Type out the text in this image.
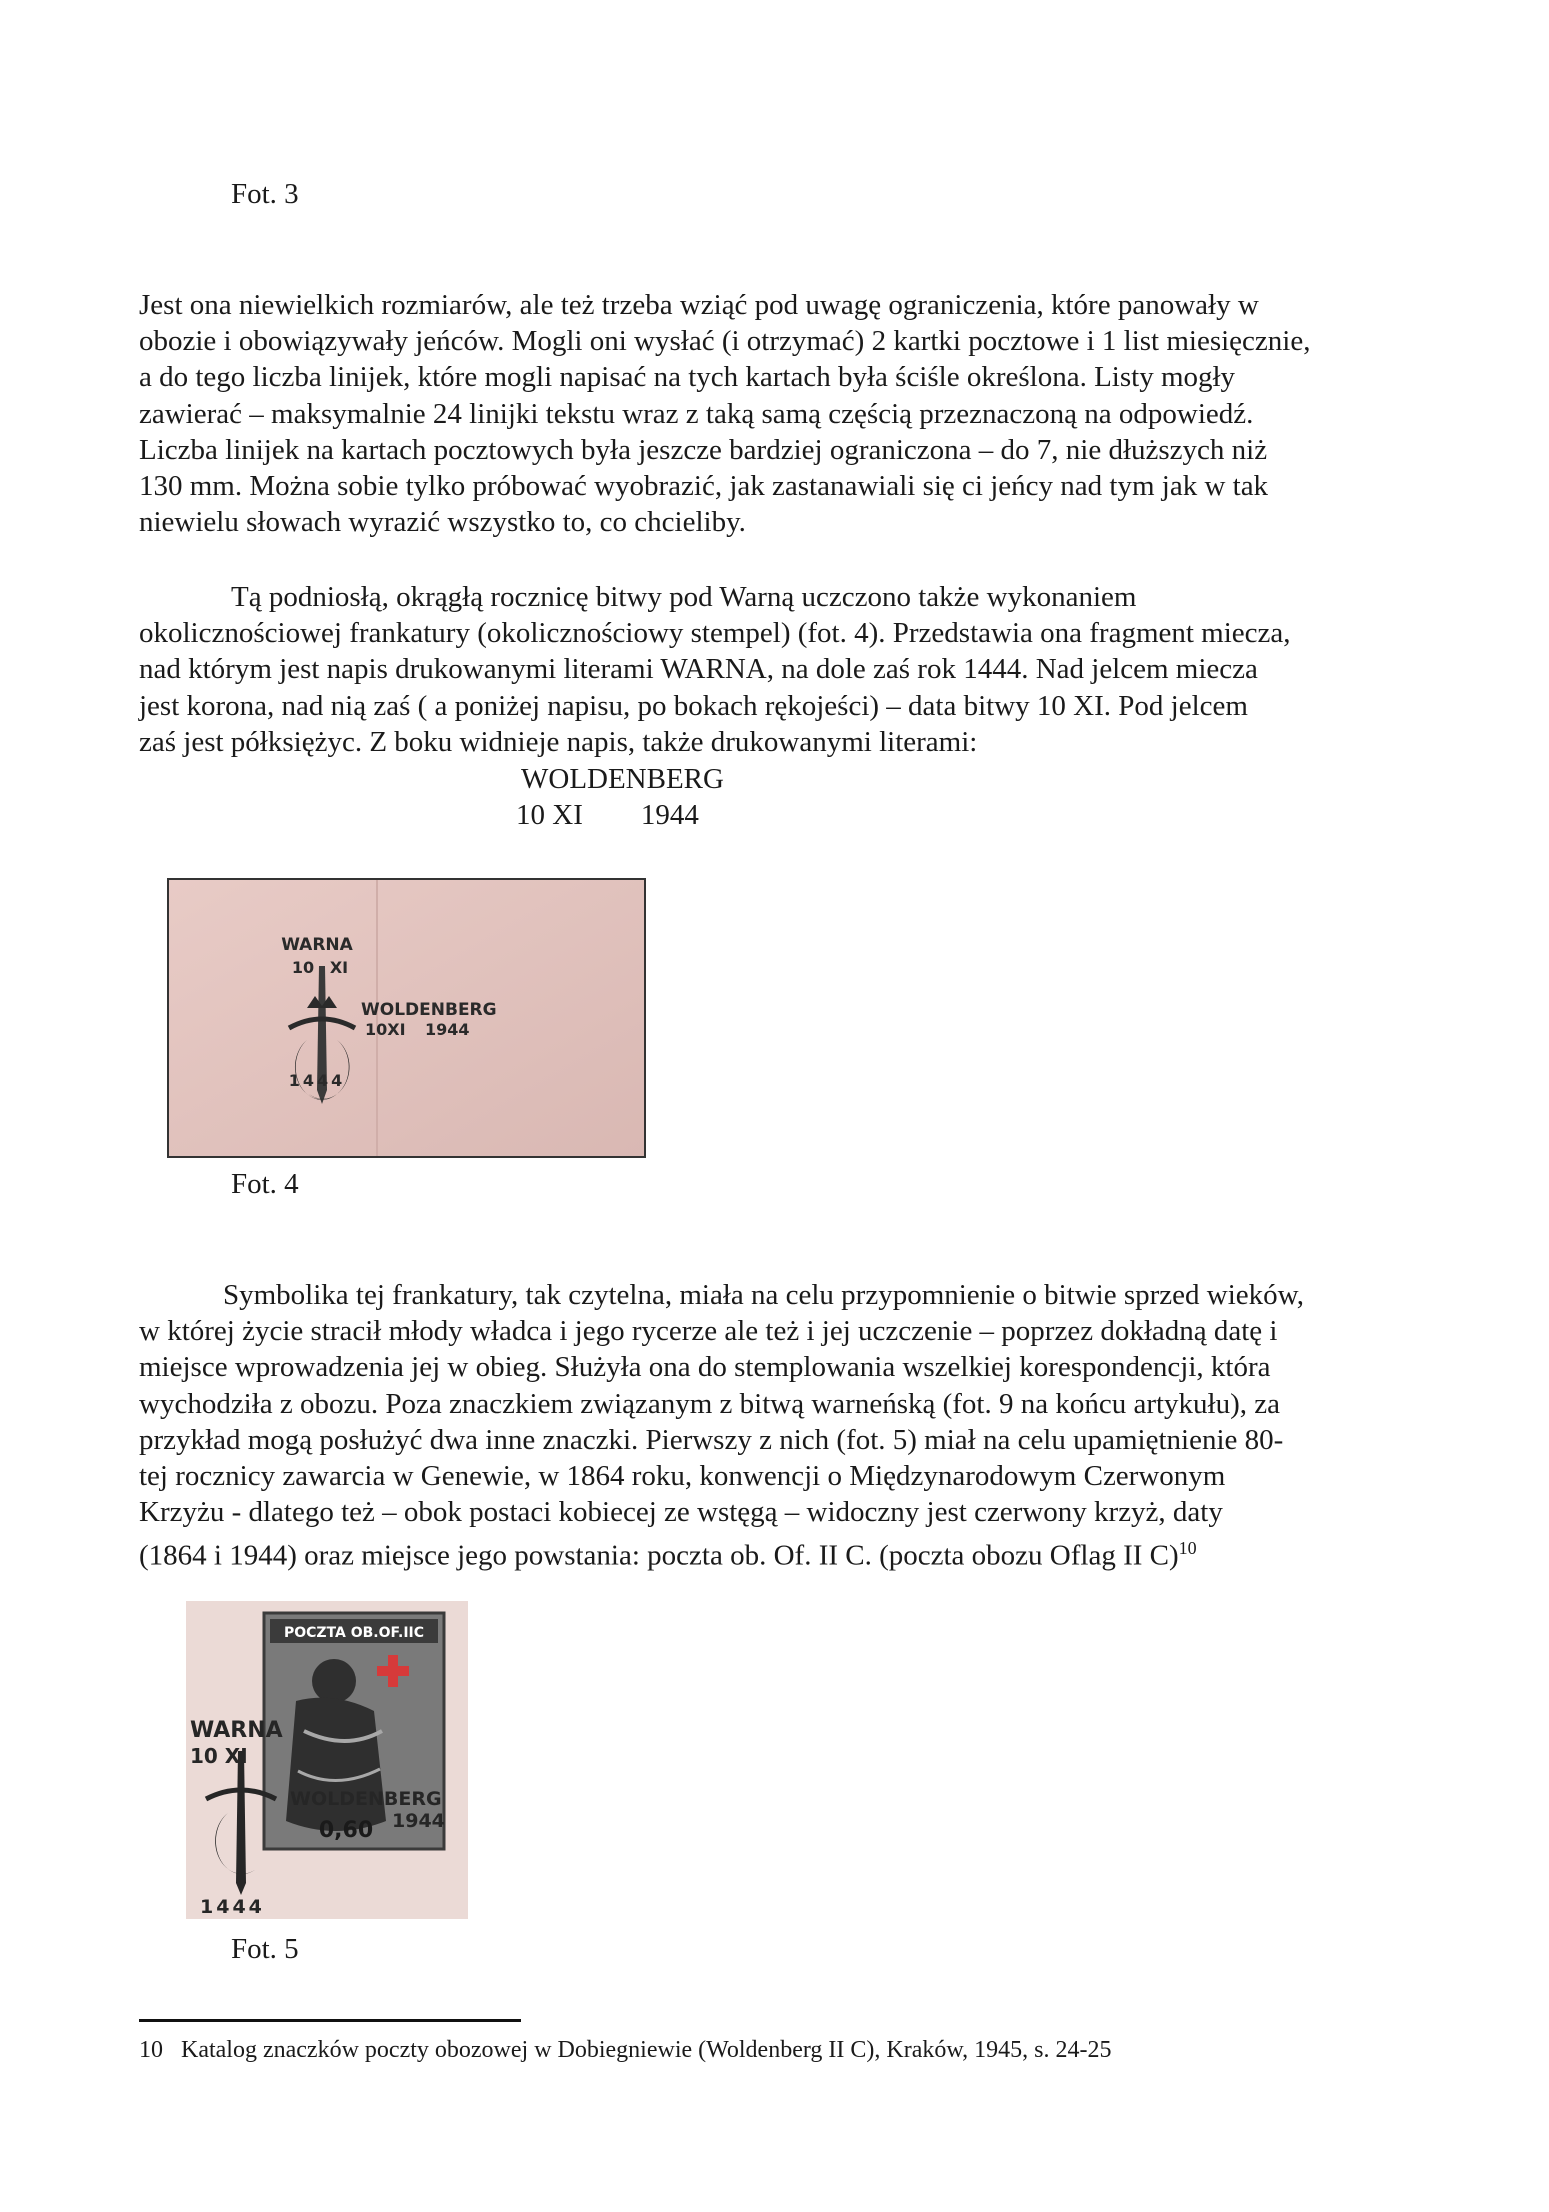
Fot. 3
Jest ona niewielkich rozmiarów, ale też trzeba wziąć pod uwagę ograniczenia, które panowały w
obozie i obowiązywały jeńców. Mogli oni wysłać (i otrzymać) 2 kartki pocztowe i 1 list miesięcznie,
a do tego liczba linijek, które mogli napisać na tych kartach była ściśle określona. Listy mogły
zawierać – maksymalnie 24 linijki tekstu wraz z taką samą częścią przeznaczoną na odpowiedź.
Liczba linijek na kartach pocztowych była jeszcze bardziej ograniczona – do 7, nie dłuższych niż
130 mm. Można sobie tylko próbować wyobrazić, jak zastanawiali się ci jeńcy nad tym jak w tak
niewielu słowach wyrazić wszystko to, co chcieliby.
Tą podniosłą, okrągłą rocznicę bitwy pod Warną uczczono także wykonaniem
okolicznościowej frankatury (okolicznościowy stempel) (fot. 4). Przedstawia ona fragment miecza,
nad którym jest napis drukowanymi literami WARNA, na dole zaś rok 1444. Nad jelcem miecza
jest korona, nad nią zaś ( a poniżej napisu, po bokach rękojeści) – data bitwy 10 XI. Pod jelcem
zaś jest półksiężyc. Z boku widnieje napis, także drukowanymi literami:
WOLDENBERG
10 XI        1944
WARNA
10 XI
WOLDENBERG
10XI 1944
1444
Fot. 4
Symbolika tej frankatury, tak czytelna, miała na celu przypomnienie o bitwie sprzed wieków,
w której życie stracił młody władca i jego rycerze ale też i jej uczczenie – poprzez dokładną datę i
miejsce wprowadzenia jej w obieg. Służyła ona do stemplowania wszelkiej korespondencji, która
wychodziła z obozu. Poza znaczkiem związanym z bitwą warneńską (fot. 9 na końcu artykułu), za
przykład mogą posłużyć dwa inne znaczki. Pierwszy z nich (fot. 5) miał na celu upamiętnienie 80-
tej rocznicy zawarcia w Genewie, w 1864 roku, konwencji o Międzynarodowym Czerwonym
Krzyżu - dlatego też – obok postaci kobiecej ze wstęgą – widoczny jest czerwony krzyż, daty
(1864 i 1944) oraz miejsce jego powstania: poczta ob. Of. II C. (poczta obozu Oflag II C)$^{10}$
POCZTA OB.OF.IIC
0,60
WARNA
10 XI
WOLDENBERG
1944
1444
Fot. 5
10 Katalog znaczków poczty obozowej w Dobiegniewie (Woldenberg II C), Kraków, 1945, s. 24-25
